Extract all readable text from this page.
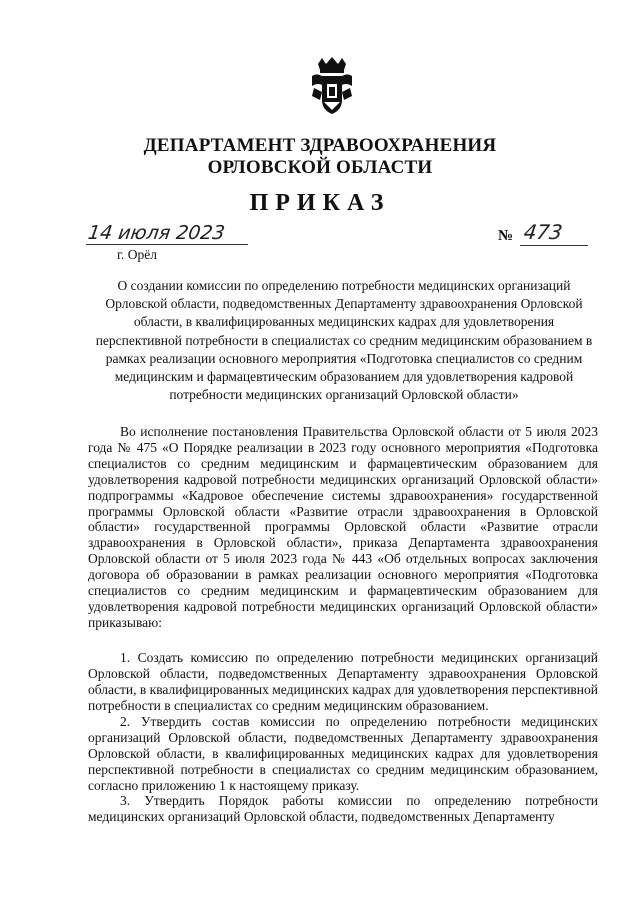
ДЕПАРТАМЕНТ ЗДРАВООХРАНЕНИЯ
ОРЛОВСКОЙ ОБЛАСТИ
ПРИКАЗ
14 июля 2023	№ 473
г. Орёл
О создании комиссии по определению потребности медицинских организаций Орловской области, подведомственных Департаменту здравоохранения Орловской области, в квалифицированных медицинских кадрах для удовлетворения перспективной потребности в специалистах со средним медицинским образованием в рамках реализации основного мероприятия «Подготовка специалистов со средним медицинским и фармацевтическим образованием для удовлетворения кадровой потребности медицинских организаций Орловской области»
Во исполнение постановления Правительства Орловской области от 5 июля 2023 года № 475 «О Порядке реализации в 2023 году основного мероприятия «Подготовка специалистов со средним медицинским и фармацевтическим образованием для удовлетворения кадровой потребности медицинских организаций Орловской области» подпрограммы «Кадровое обеспечение системы здравоохранения» государственной программы Орловской области «Развитие отрасли здравоохранения в Орловской области» государственной программы Орловской области «Развитие отрасли здравоохранения в Орловской области», приказа Департамента здравоохранения Орловской области от 5 июля 2023 года № 443 «Об отдельных вопросах заключения договора об образовании в рамках реализации основного мероприятия «Подготовка специалистов со средним медицинским и фармацевтическим образованием для удовлетворения кадровой потребности медицинских организаций Орловской области» приказываю:
1. Создать комиссию по определению потребности медицинских организаций Орловской области, подведомственных Департаменту здравоохранения Орловской области, в квалифицированных медицинских кадрах для удовлетворения перспективной потребности в специалистах со средним медицинским образованием.
2. Утвердить состав комиссии по определению потребности медицинских организаций Орловской области, подведомственных Департаменту здравоохранения Орловской области, в квалифицированных медицинских кадрах для удовлетворения перспективной потребности в специалистах со средним медицинским образованием, согласно приложению 1 к настоящему приказу.
3. Утвердить Порядок работы комиссии по определению потребности медицинских организаций Орловской области, подведомственных Департаменту
